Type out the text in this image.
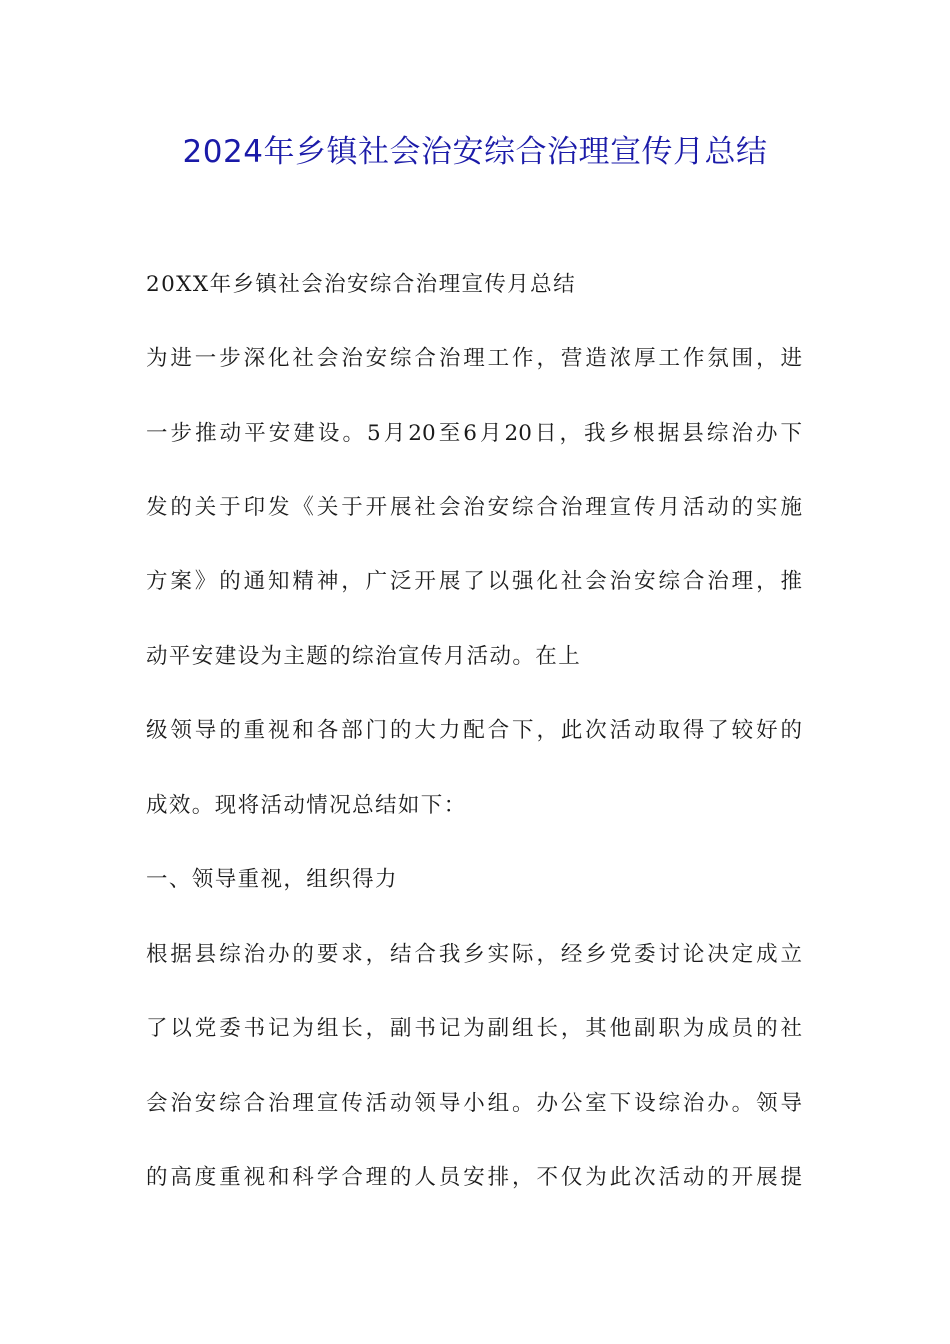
2024年乡镇社会治安综合治理宣传月总结
20XX年乡镇社会治安综合治理宣传月总结
为进一步深化社会治安综合治理工作，营造浓厚工作氛围，进
一步推动平安建设。5月20至6月20日，我乡根据县综治办下
发的关于印发《关于开展社会治安综合治理宣传月活动的实施
方案》的通知精神，广泛开展了以强化社会治安综合治理，推
动平安建设为主题的综治宣传月活动。在上
级领导的重视和各部门的大力配合下，此次活动取得了较好的
成效。现将活动情况总结如下：
一、领导重视，组织得力
根据县综治办的要求，结合我乡实际，经乡党委讨论决定成立
了以党委书记为组长，副书记为副组长，其他副职为成员的社
会治安综合治理宣传活动领导小组。办公室下设综治办。领导
的高度重视和科学合理的人员安排，不仅为此次活动的开展提
